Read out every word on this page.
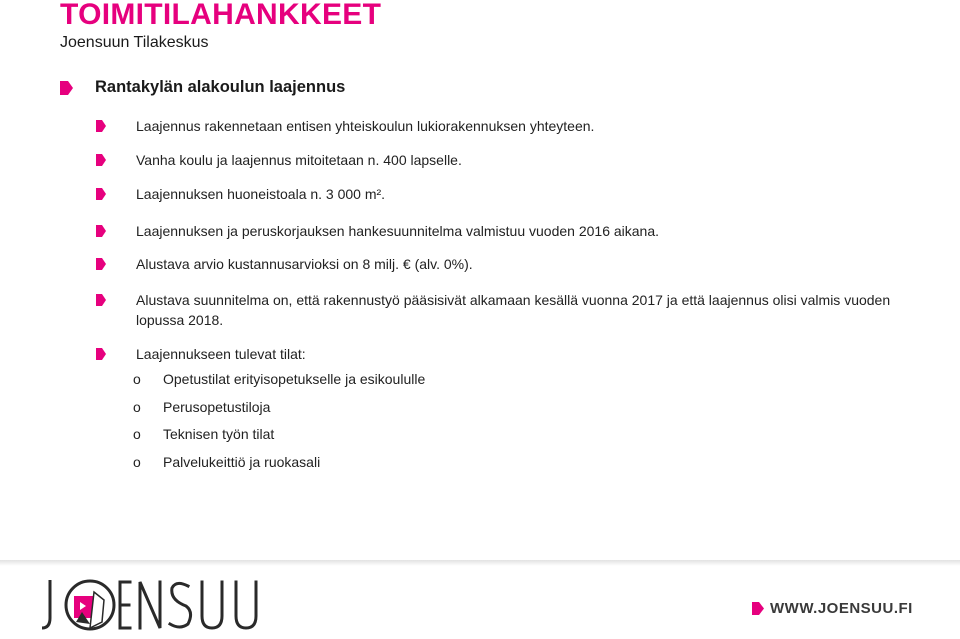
TOIMITILAHANKKEET
Joensuun Tilakeskus
Rantakylän alakoulun laajennus
Laajennus rakennetaan entisen yhteiskoulun lukiorakennuksen yhteyteen.
Vanha koulu ja laajennus mitoitetaan n. 400 lapselle.
Laajennuksen huoneistoala n. 3 000 m².
Laajennuksen ja peruskorjauksen hankesuunnitelma valmistuu vuoden 2016 aikana.
Alustava arvio kustannusarvioksi on 8 milj. € (alv. 0%).
Alustava suunnitelma on, että rakennustyö pääsisivät alkamaan kesällä vuonna 2017 ja että laajennus olisi valmis vuoden lopussa 2018.
Laajennukseen tulevat tilat:
o	Opetustilat erityisopetukselle ja esikoululle
o	Perusopetustiloja
o	Teknisen työn tilat
o	Palvelukeittiö ja ruokasali
WWW.JOENSUU.FI
